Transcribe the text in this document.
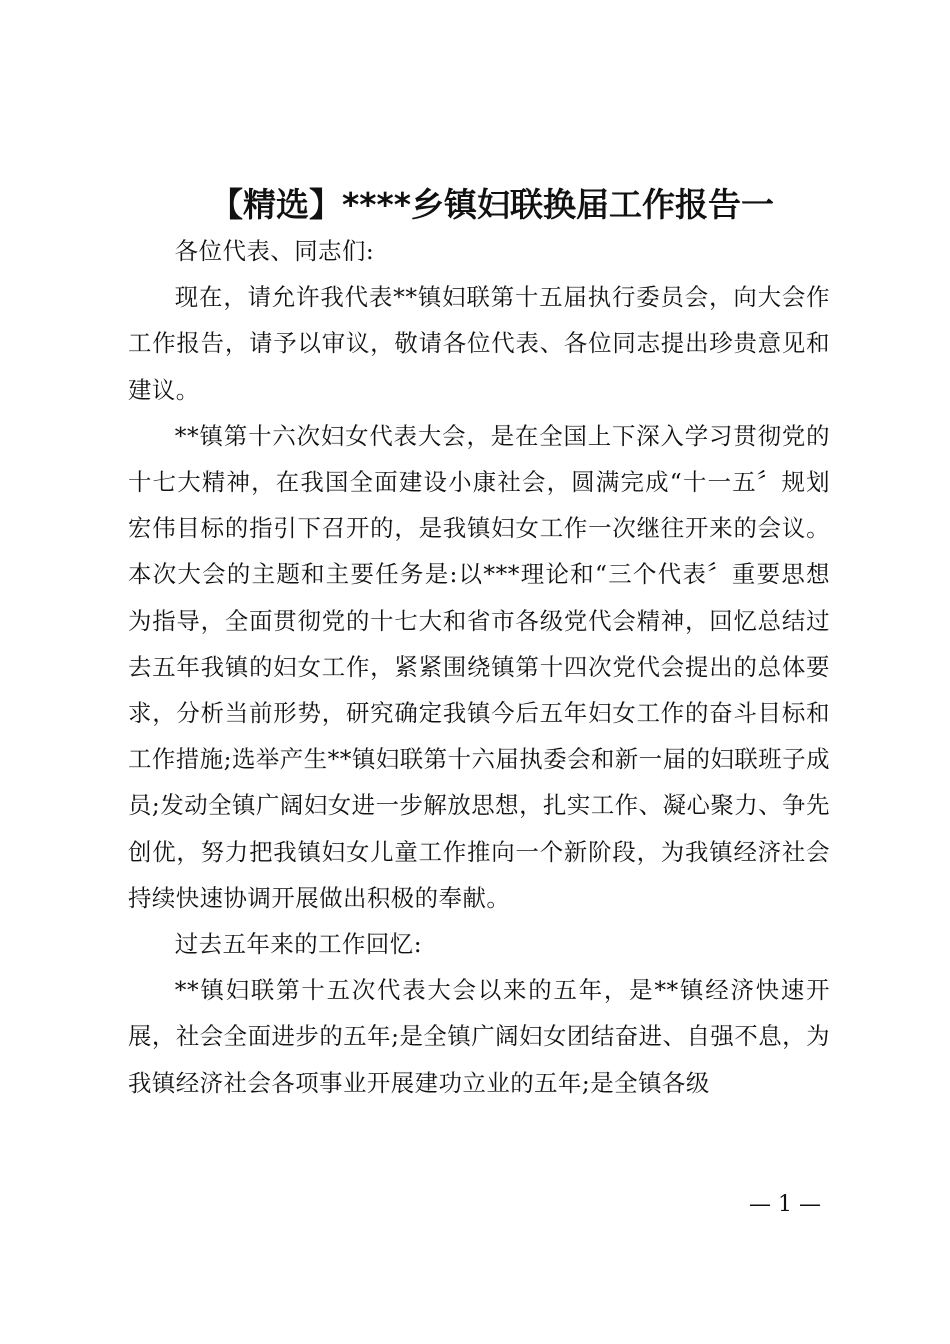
【精选】****乡镇妇联换届工作报告一

各位代表、同志们:

现在，请允许我代表**镇妇联第十五届执行委员会，向大会作工作报告，请予以审议，敬请各位代表、各位同志提出珍贵意见和建议。

**镇第十六次妇女代表大会，是在全国上下深入学习贯彻党的十七大精神，在我国全面建设小康社会，圆满完成“十一五〞规划宏伟目标的指引下召开的，是我镇妇女工作一次继往开来的会议。本次大会的主题和主要任务是:以***理论和“三个代表〞重要思想为指导，全面贯彻党的十七大和省市各级党代会精神，回忆总结过去五年我镇的妇女工作，紧紧围绕镇第十四次党代会提出的总体要求，分析当前形势，研究确定我镇今后五年妇女工作的奋斗目标和工作措施;选举产生**镇妇联第十六届执委会和新一届的妇联班子成员;发动全镇广阔妇女进一步解放思想，扎实工作、凝心聚力、争先创优，努力把我镇妇女儿童工作推向一个新阶段，为我镇经济社会持续快速协调开展做出积极的奉献。

过去五年来的工作回忆:

**镇妇联第十五次代表大会以来的五年，是**镇经济快速开展，社会全面进步的五年;是全镇广阔妇女团结奋进、自强不息，为我镇经济社会各项事业开展建功立业的五年;是全镇各级

— 1 —
